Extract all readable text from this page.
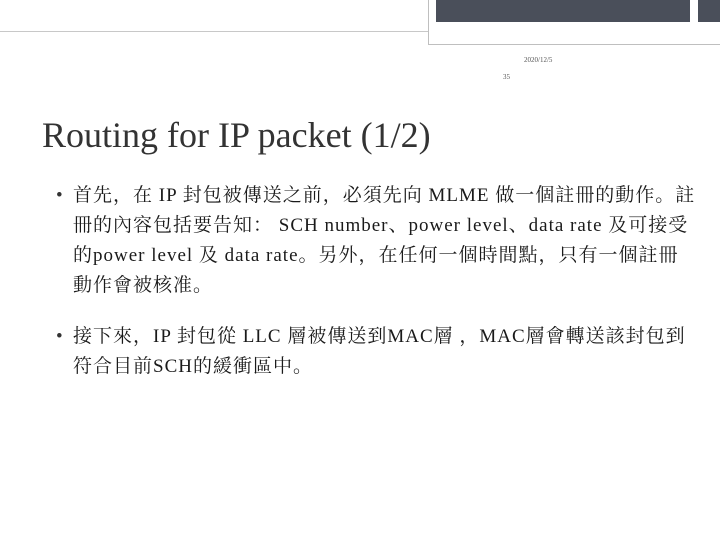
2020/12/5
35
Routing for IP packet (1/2)
• 首先，在 IP 封包被傳送之前，必須先向 MLME 做一個註冊的動作。註冊的內容包括要告知： SCH number、power level、data rate 及可接受的power level 及 data rate。另外，在任何一個時間點，只有一個註冊動作會被核准。
• 接下來，IP 封包從 LLC 層被傳送到MAC層 ，MAC層會轉送該封包到符合目前SCH的緩衝區中。
